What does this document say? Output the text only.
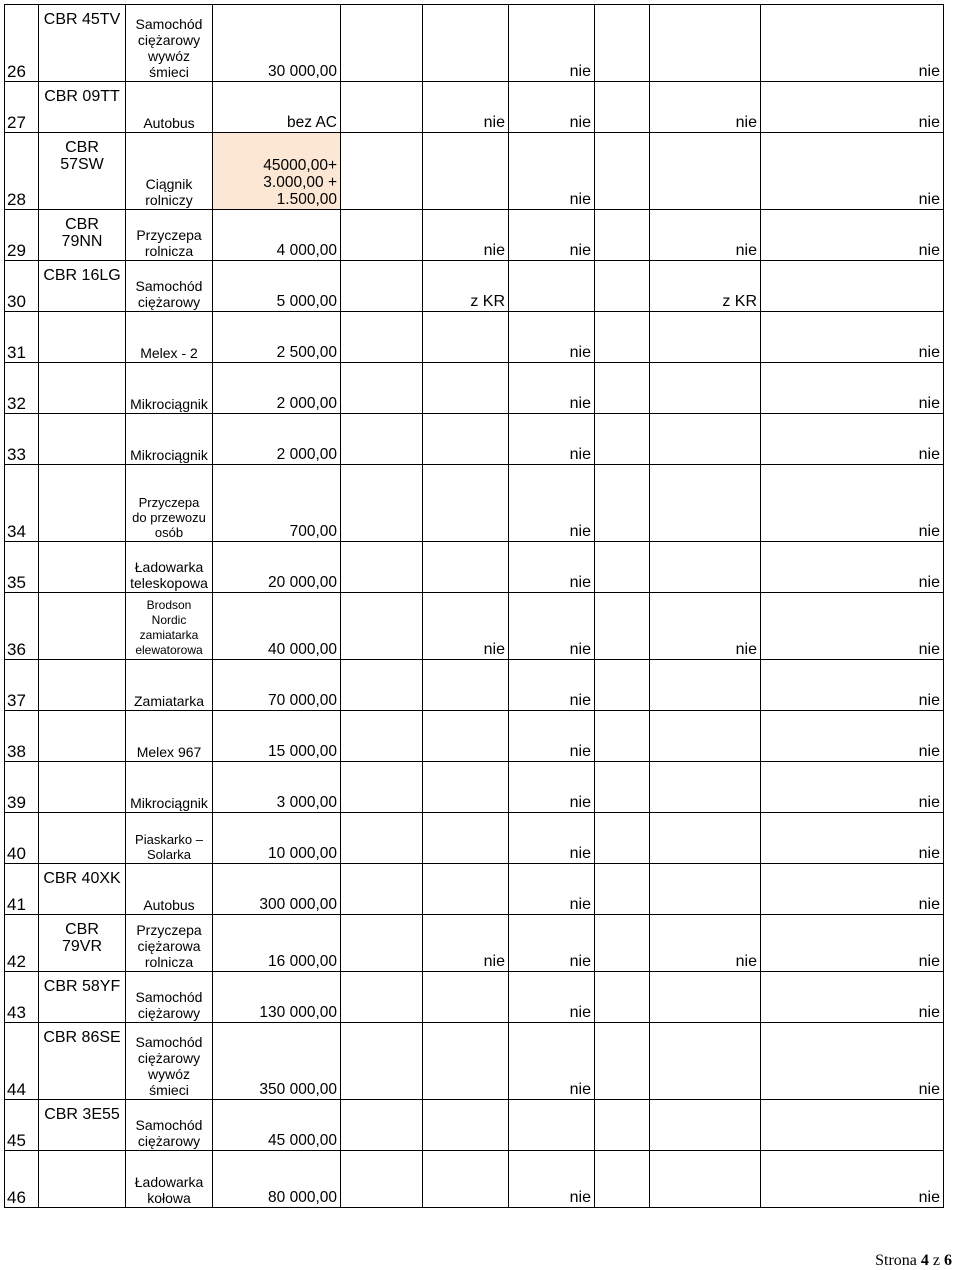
26	CBR 45TV	Samochód ciężarowy wywóz śmieci	30 000,00			nie			nie
27	CBR 09TT	Autobus	bez AC		nie	nie		nie	nie
28	CBR 57SW	Ciągnik rolniczy	45000,00+ 3.000,00 + 1.500,00			nie			nie
29	CBR 79NN	Przyczepa rolnicza	4 000,00		nie	nie		nie	nie
30	CBR 16LG	Samochód ciężarowy	5 000,00		z KR			z KR	
31		Melex - 2	2 500,00			nie			nie
32		Mikrociągnik	2 000,00			nie			nie
33		Mikrociągnik	2 000,00			nie			nie
34		Przyczepa do przewozu osób	700,00			nie			nie
35		Ładowarka teleskopowa	20 000,00			nie			nie
36		Brodson Nordic zamiatarka elewatorowa	40 000,00		nie	nie		nie	nie
37		Zamiatarka	70 000,00			nie			nie
38		Melex 967	15 000,00			nie			nie
39		Mikrociągnik	3 000,00			nie			nie
40		Piaskarko – Solarka	10 000,00			nie			nie
41	CBR 40XK	Autobus	300 000,00			nie			nie
42	CBR 79VR	Przyczepa ciężarowa rolnicza	16 000,00		nie	nie		nie	nie
43	CBR 58YF	Samochód ciężarowy	130 000,00			nie			nie
44	CBR 86SE	Samochód ciężarowy wywóz śmieci	350 000,00			nie			nie
45	CBR 3E55	Samochód ciężarowy	45 000,00						
46		Ładowarka kołowa	80 000,00			nie			nie
Strona 4 z 6
